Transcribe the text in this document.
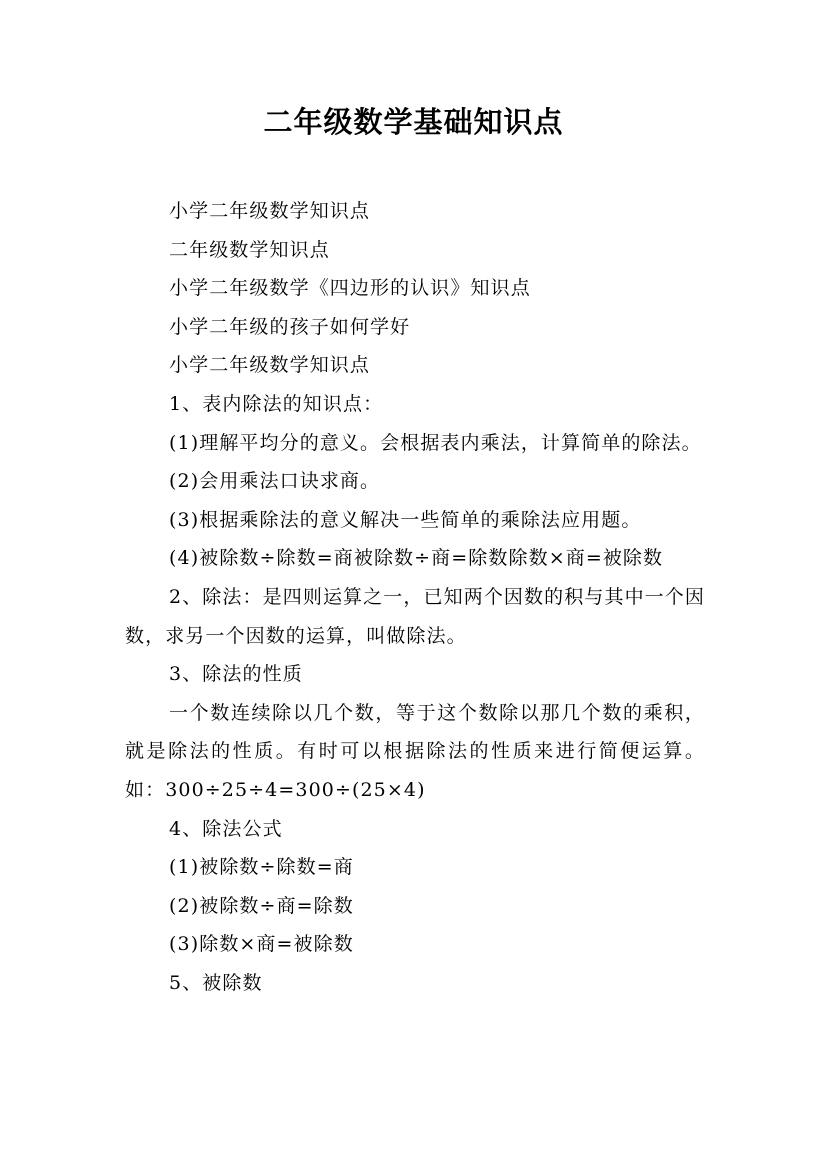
二年级数学基础知识点

小学二年级数学知识点

二年级数学知识点

小学二年级数学《四边形的认识》知识点

小学二年级的孩子如何学好

小学二年级数学知识点

1、表内除法的知识点：

(1)理解平均分的意义。会根据表内乘法，计算简单的除法。

(2)会用乘法口诀求商。

(3)根据乘除法的意义解决一些简单的乘除法应用题。

(4)被除数÷除数=商被除数÷商=除数除数×商=被除数

2、除法：是四则运算之一，已知两个因数的积与其中一个因数，求另一个因数的运算，叫做除法。

3、除法的性质

一个数连续除以几个数，等于这个数除以那几个数的乘积，就是除法的性质。有时可以根据除法的性质来进行简便运算。如：300÷25÷4=300÷(25×4)

4、除法公式

(1)被除数÷除数=商

(2)被除数÷商=除数

(3)除数×商=被除数

5、被除数
